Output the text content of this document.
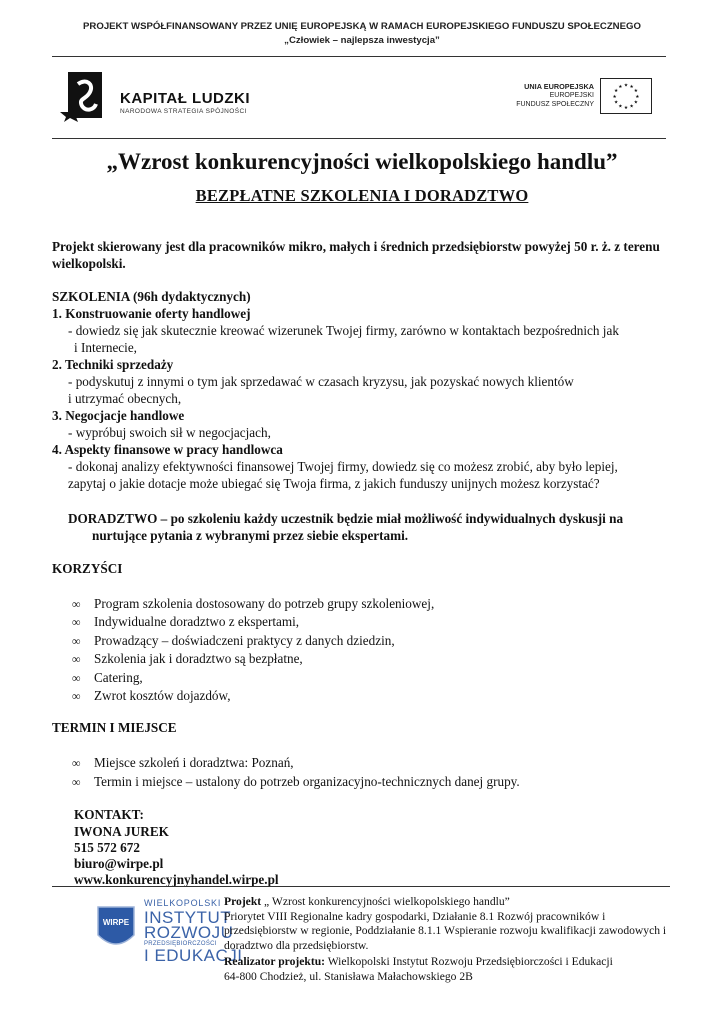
PROJEKT WSPÓŁFINANSOWANY PRZEZ UNIĘ EUROPEJSKĄ W RAMACH EUROPEJSKIEGO FUNDUSZU SPOŁECZNEGO
„Człowiek – najlepsza inwestycja”
KAPITAŁ LUDZKI
NARODOWA STRATEGIA SPÓJNOŚCI
UNIA EUROPEJSKA
EUROPEJSKI
FUNDUSZ SPOŁECZNY
★ ★
★
★
★
★
★
★
★
★
★
★
„Wzrost konkurencyjności wielkopolskiego handlu”
BEZPŁATNE SZKOLENIA I DORADZTWO

Projekt skierowany jest dla pracowników mikro, małych i średnich przedsiębiorstw powyżej 50 r. ż. z terenu wielkopolski.

SZKOLENIA (96h dydaktycznych)

1. Konstruowanie oferty handlowej

- dowiedz się jak skutecznie kreować wizerunek Twojej firmy, zarówno w kontaktach bezpośrednich jak

i Internecie,

2. Techniki sprzedaży

- podyskutuj z innymi o tym jak sprzedawać w czasach kryzysu, jak pozyskać nowych klientów

i utrzymać obecnych,

3. Negocjacje handlowe

- wypróbuj swoich sił w negocjacjach,

4. Aspekty finansowe w pracy handlowca

- dokonaj analizy efektywności finansowej Twojej firmy, dowiedz się co możesz zrobić, aby było lepiej,

zapytaj o jakie dotacje może ubiegać się Twoja firma, z jakich funduszy unijnych możesz korzystać?

DORADZTWO – po szkoleniu każdy uczestnik będzie miał możliwość indywidualnych dyskusji na
nurtujące pytania z wybranymi przez siebie ekspertami.

KORZYŚCI

∞ Program szkolenia dostosowany do potrzeb grupy szkoleniowej,
∞ Indywidualne doradztwo z ekspertami,
∞ Prowadzący – doświadczeni praktycy z danych dziedzin,
∞ Szkolenia jak i doradztwo są bezpłatne,
∞ Catering,
∞ Zwrot kosztów dojazdów,

TERMIN I MIEJSCE

∞ Miejsce szkoleń i doradztwa: Poznań,
∞ Termin i miejsce – ustalony do potrzeb organizacyjno-technicznych danej grupy.
KONTAKT:
IWONA JUREK
515 572 672
biuro@wirpe.pl
www.konkurencyjnyhandel.wirpe.pl
WIRPE
WIELKOPOLSKI
INSTYTUT
ROZWOJU
PRZEDSIĘBIORCZOŚCI
I EDUKACJI

Projekt „ Wzrost konkurencyjności wielkopolskiego handlu”

Priorytet VIII Regionalne kadry gospodarki, Działanie 8.1 Rozwój pracowników i przedsiębiorstw w regionie, Poddziałanie 8.1.1 Wspieranie rozwoju kwalifikacji zawodowych i doradztwo dla przedsiębiorstw.

Realizator projektu: Wielkopolski Instytut Rozwoju Przedsiębiorczości i Edukacji

64-800 Chodzież, ul. Stanisława Małachowskiego 2B
